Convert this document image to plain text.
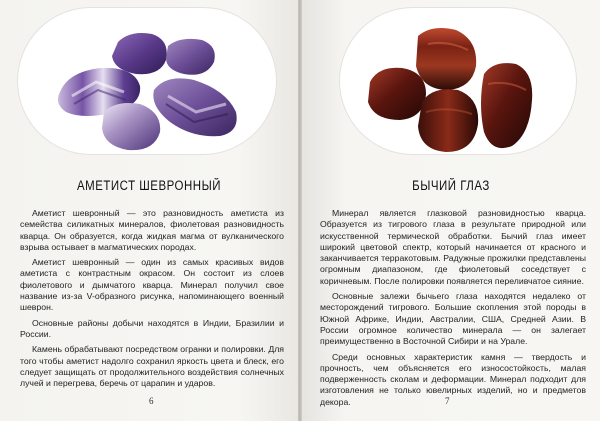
АМЕТИСТ ШЕВРОННЫЙ

Аметист шевронный — это разновидность аметиста из семейства силикатных минералов, фиолетовая разновидность кварца. Он образуется, когда жидкая магма от вулканического взрыва остывает в магматических породах.

Аметист шевронный — один из самых красивых видов аметиста с контрастным окрасом. Он состоит из слоев фиолетового и дымчатого кварца. Минерал получил свое название из-за V-образного рисунка, напоминающего военный шеврон.

Основные районы добычи находятся в Индии, Бразилии и России.

Камень обрабатывают посредством огранки и полировки. Для того чтобы аметист надолго сохранил яркость цвета и блеск, его следует защищать от продолжительного воздействия солнечных лучей и перегрева, беречь от царапин и ударов.

6
БЫЧИЙ ГЛАЗ

Минерал является глазковой разновидностью кварца. Образуется из тигрового глаза в результате природной или искусственной термической обработки. Бычий глаз имеет широкий цветовой спектр, который начинается от красного и заканчивается терракотовым. Радужные прожилки представлены огромным диапазоном, где фиолетовый соседствует с коричневым. После полировки появляется переливчатое сияние.

Основные залежи бычьего глаза находятся недалеко от месторождений тигрового. Большие скопления этой породы в Южной Африке, Индии, Австралии, США, Средней Азии. В России огромное количество минерала — он залегает преимущественно в Восточной Сибири и на Урале.

Среди основных характеристик камня — твердость и прочность, чем объясняется его износостойкость, малая подверженность сколам и деформации. Минерал подходит для изготовления не только ювелирных изделий, но и предметов декора.	7
